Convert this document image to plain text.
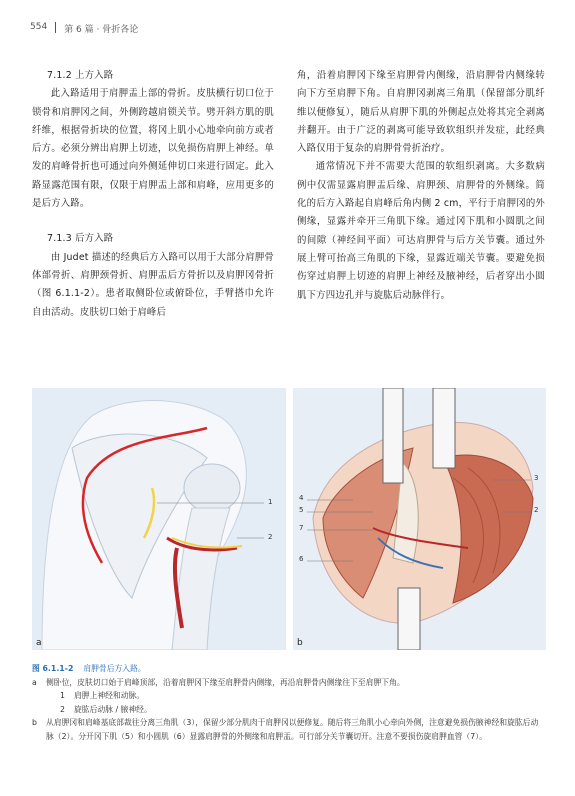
554 第 6 篇 · 骨折各论
7.1.2 上方入路

此入路适用于肩胛盂上部的骨折。皮肤横行切口位于锁骨和肩胛冈之间，外侧跨越肩锁关节。劈开斜方肌的肌纤维，根据骨折块的位置，将冈上肌小心地牵向前方或者后方。必须分辨出肩胛上切迹，以免损伤肩胛上神经。单发的肩峰骨折也可通过向外侧延伸切口来进行固定。此入路显露范围有限，仅限于肩胛盂上部和肩峰，应用更多的是后方入路。

7.1.3 后方入路

由 Judet 描述的经典后方入路可以用于大部分肩胛骨体部骨折、肩胛颈骨折、肩胛盂后方骨折以及肩胛冈骨折（图 6.1.1-2）。患者取侧卧位或俯卧位，手臂搭巾允许自由活动。皮肤切口始于肩峰后

角，沿着肩胛冈下缘至肩胛骨内侧缘，沿肩胛骨内侧缘转向下方至肩胛下角。自肩胛冈剥离三角肌（保留部分肌纤维以便修复），随后从肩胛下肌的外侧起点处将其完全剥离并翻开。由于广泛的剥离可能导致软组织并发症，此经典入路仅用于复杂的肩胛骨骨折治疗。

通常情况下并不需要大范围的软组织剥离。大多数病例中仅需显露肩胛盂后缘、肩胛颈、肩胛骨的外侧缘。简化的后方入路起自肩峰后角内侧 2 cm，平行于肩胛冈的外侧缘，显露并牵开三角肌下缘。通过冈下肌和小圆肌之间的间隙（神经间平面）可达肩胛骨与后方关节囊。通过外展上臂可抬高三角肌的下缘，显露近端关节囊。要避免损伤穿过肩胛上切迹的肩胛上神经及腋神经，后者穿出小圆肌下方四边孔并与旋肱后动脉伴行。

1
2
a
4
5
7
6
3
2
b
图 6.1.1-2 肩胛骨后方入路。
a	侧卧位，皮肤切口始于肩峰顶部，沿着肩胛冈下缘至肩胛骨内侧缘，再沿肩胛骨内侧缘往下至肩胛下角。
1	肩胛上神经和动脉。
2	旋肱后动脉 / 腋神经。
b	从肩胛冈和肩峰基底部裁往分离三角肌（3），保留少部分肌肉于肩胛冈以便修复。随后将三角肌小心牵向外侧，注意避免损伤腋神经和旋肱后动脉（2）。分开冈下肌（5）和小圆肌（6）显露肩胛骨的外侧缘和肩胛盂。可行部分关节囊切开。注意不要损伤旋肩胛血管（7）。
